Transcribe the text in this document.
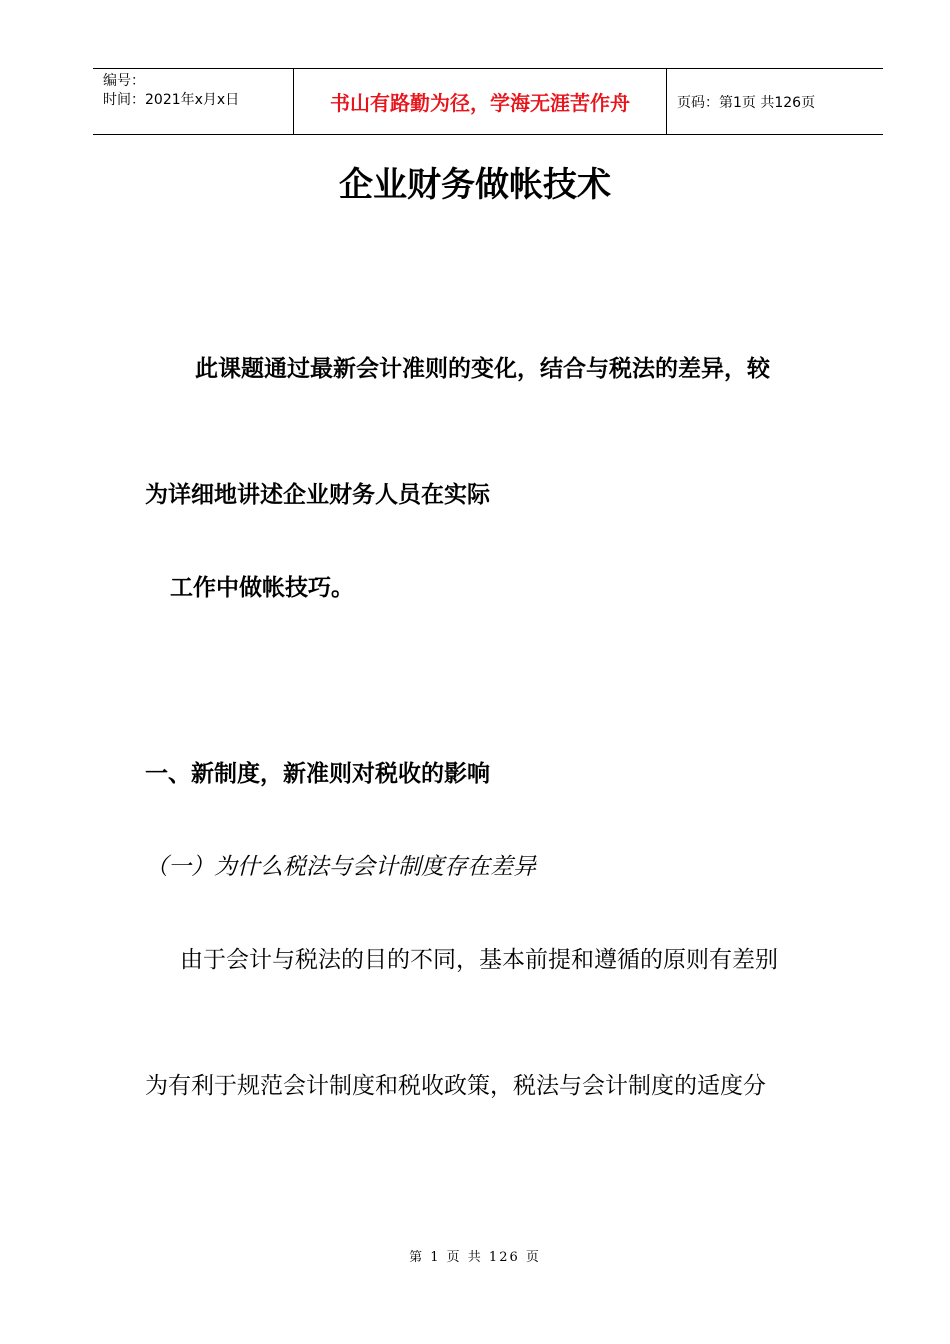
编号：
时间：2021年x月x日	书山有路勤为径，学海无涯苦作舟	页码：第1页 共126页
企业财务做帐技术
此课题通过最新会计准则的变化，结合与税法的差异，较
为详细地讲述企业财务人员在实际
工作中做帐技巧。
一、新制度，新准则对税收的影响
（一）为什么税法与会计制度存在差异
由于会计与税法的目的不同，基本前提和遵循的原则有差别
为有利于规范会计制度和税收政策，税法与会计制度的适度分
第 1 页 共 126 页
